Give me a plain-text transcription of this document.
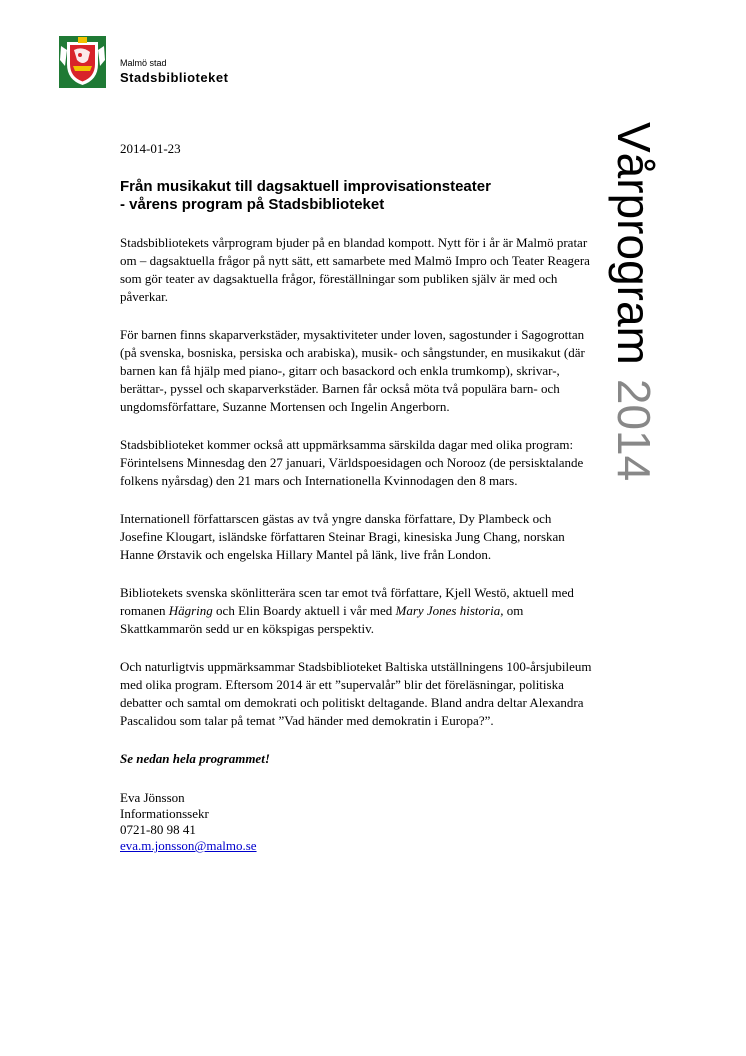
Malmö stad
Stadsbiblioteket
Vårprogram2014
2014-01-23
Från musikakut till dagsaktuell improvisationsteater
- vårens program på Stadsbiblioteket

Stadsbibliotekets vårprogram bjuder på en blandad kompott. Nytt för i år är Malmö pratar om – dagsaktuella frågor på nytt sätt, ett samarbete med Malmö Impro och Teater Reagera som gör teater av dagsaktuella frågor, föreställningar som publiken själv är med och påverkar.

För barnen finns skaparverkstäder, mysaktiviteter under loven, sagostunder i Sagogrottan (på svenska, bosniska, persiska och arabiska), musik- och sångstunder, en musikakut (där barnen kan få hjälp med piano-, gitarr och basackord och enkla trumkomp), skrivar-, berättar-, pyssel och skaparverkstäder. Barnen får också möta två populära barn- och ungdomsförfattare, Suzanne Mortensen och Ingelin Angerborn.

Stadsbiblioteket kommer också att uppmärksamma särskilda dagar med olika program: Förintelsens Minnesdag den 27 januari, Världspoesidagen och Norooz (de persisktalande folkens nyårsdag) den 21 mars och Internationella Kvinnodagen den 8 mars.

Internationell författarscen gästas av två yngre danska författare, Dy Plambeck och Josefine Klougart, isländske författaren Steinar Bragi, kinesiska Jung Chang, norskan Hanne Ørstavik och engelska Hillary Mantel på länk, live från London.

Bibliotekets svenska skönlitterära scen tar emot två författare, Kjell Westö, aktuell med romanen Hägring och Elin Boardy aktuell i vår med Mary Jones historia, om Skattkammarön sedd ur en kökspigas perspektiv.

Och naturligtvis uppmärksammar Stadsbiblioteket Baltiska utställningens 100-årsjubileum med olika program. Eftersom 2014 är ett ”supervalår” blir det föreläsningar, politiska debatter och samtal om demokrati och politiskt deltagande. Bland andra deltar Alexandra Pascalidou som talar på temat ”Vad händer med demokratin i Europa?”.

Se nedan hela programmet!

Eva Jönsson
Informationssekr
0721-80 98 41
eva.m.jonsson@malmo.se
